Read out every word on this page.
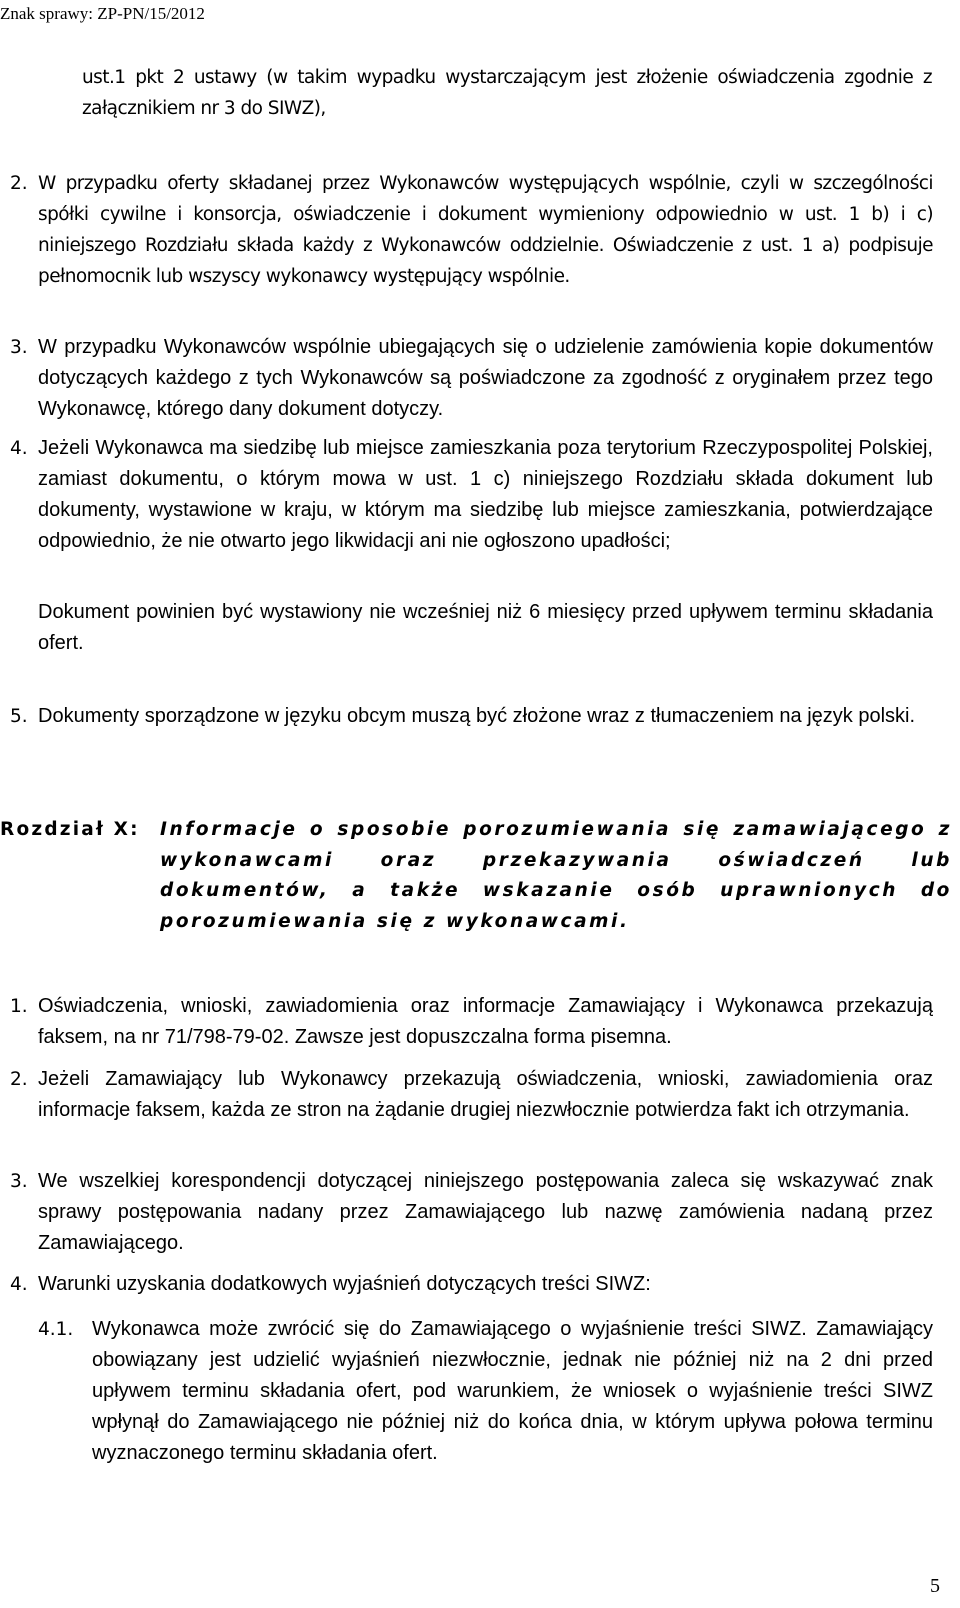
Znak sprawy: ZP-PN/15/2012

ust.1 pkt 2 ustawy (w takim wypadku wystarczającym jest złożenie oświadczenia zgodnie z załącznikiem nr 3 do SIWZ),

2. W przypadku oferty składanej przez Wykonawców występujących wspólnie, czyli w szczególności spółki cywilne i konsorcja, oświadczenie i dokument wymieniony odpowiednio w ust. 1 b) i c) niniejszego Rozdziału składa każdy z Wykonawców oddzielnie. Oświadczenie z ust. 1 a) podpisuje pełnomocnik lub wszyscy wykonawcy występujący wspólnie.

3. W przypadku Wykonawców wspólnie ubiegających się o udzielenie zamówienia kopie dokumentów dotyczących każdego z tych Wykonawców są poświadczone za zgodność z oryginałem przez tego Wykonawcę, którego dany dokument dotyczy.

4. Jeżeli Wykonawca ma siedzibę lub miejsce zamieszkania poza terytorium Rzeczypospolitej Polskiej, zamiast dokumentu, o którym mowa w ust. 1 c) niniejszego Rozdziału składa dokument lub dokumenty, wystawione w kraju, w którym ma siedzibę lub miejsce zamieszkania, potwierdzające odpowiednio, że nie otwarto jego likwidacji ani nie ogłoszono upadłości;

Dokument powinien być wystawiony nie wcześniej niż 6 miesięcy przed upływem terminu składania ofert.

5. Dokumenty sporządzone w języku obcym muszą być złożone wraz z tłumaczeniem na język polski.

Rozdział X: Informacje o sposobie porozumiewania się zamawiającego z wykonawcami oraz przekazywania oświadczeń lub dokumentów, a także wskazanie osób uprawnionych do porozumiewania się z wykonawcami.

1. Oświadczenia, wnioski, zawiadomienia oraz informacje Zamawiający i Wykonawca przekazują faksem, na nr 71/798-79-02. Zawsze jest dopuszczalna forma pisemna.

2. Jeżeli Zamawiający lub Wykonawcy przekazują oświadczenia, wnioski, zawiadomienia oraz informacje faksem, każda ze stron na żądanie drugiej niezwłocznie potwierdza fakt ich otrzymania.

3. We wszelkiej korespondencji dotyczącej niniejszego postępowania zaleca się wskazywać znak sprawy postępowania nadany przez Zamawiającego lub nazwę zamówienia nadaną przez Zamawiającego.

4. Warunki uzyskania dodatkowych wyjaśnień dotyczących treści SIWZ:

4.1. Wykonawca może zwrócić się do Zamawiającego o wyjaśnienie treści SIWZ. Zamawiający obowiązany jest udzielić wyjaśnień niezwłocznie, jednak nie później niż na 2 dni przed upływem terminu składania ofert, pod warunkiem, że wniosek o wyjaśnienie treści SIWZ wpłynął do Zamawiającego nie później niż do końca dnia, w którym upływa połowa terminu wyznaczonego terminu składania ofert.

5
